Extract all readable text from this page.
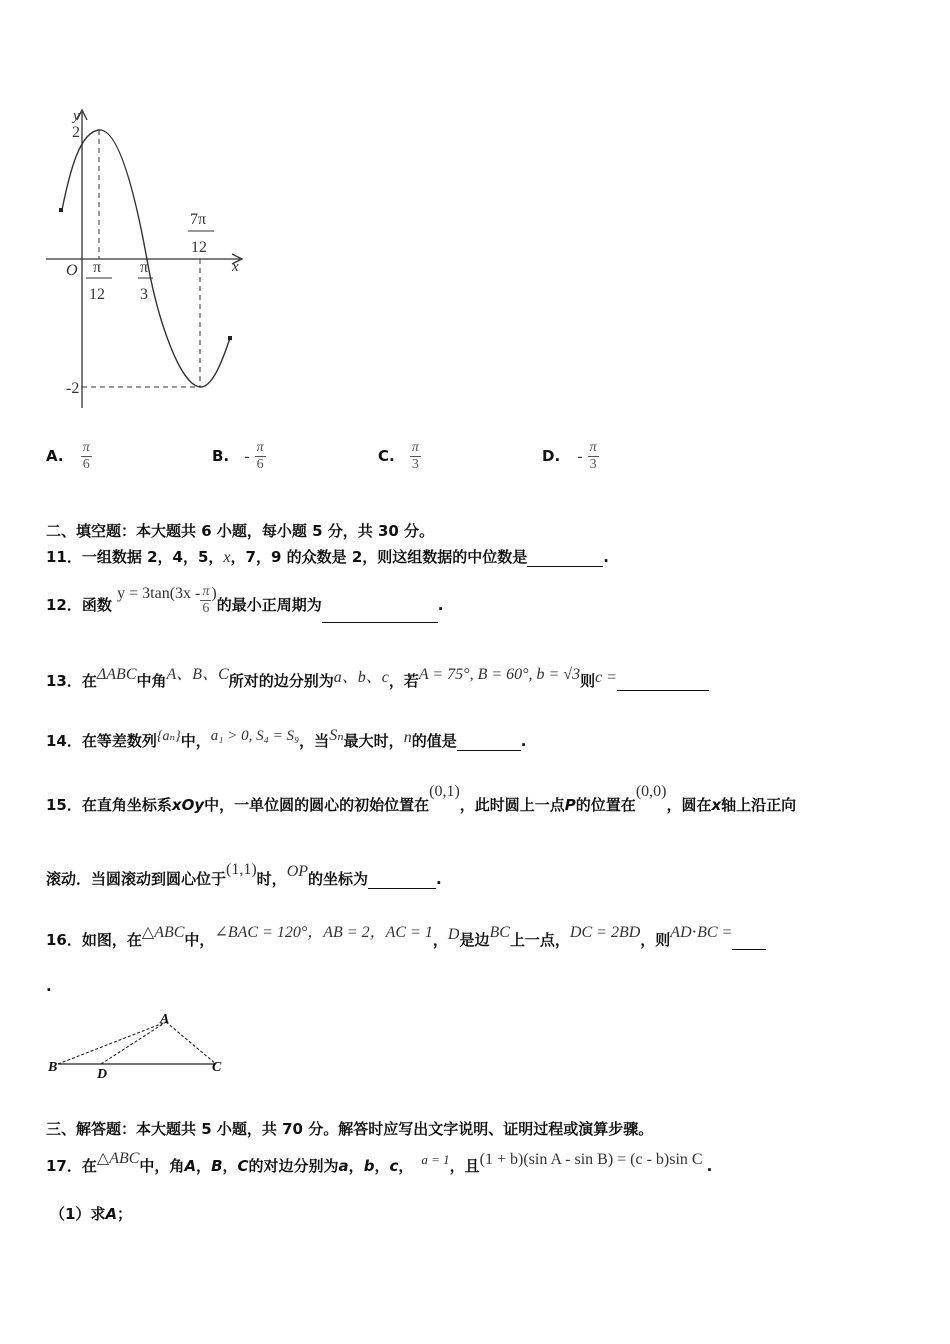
y
x
O
2
-2
π
12
π
3
7π
12
A. $\frac{\pi}{6}$	B. - $\frac{\pi}{6}$	C. $\frac{\pi}{3}$	D. - $\frac{\pi}{3}$
二、填空题：本大题共 6 小题，每小题 5 分，共 30 分。
11．一组数据 2，4，5，x，7，9 的众数是 2，则这组数据的中位数是	.
12．函数 $y = 3\tan(3x - \frac{\pi}{6}$ )的最小正周期为	.
13．在ΔABC中角A、B、C所对的边分别为a、b、c，若A = 75°, B = 60°, b = √3则c =
14．在等差数列{aₙ}中，a₁ > 0, S₄ = S₉，当Sₙ最大时，n的值是	.
15．在直角坐标系xOy中，一单位圆的圆心的初始位置在(0,1)，此时圆上一点P的位置在(0,0)，圆在x轴上沿正向
滚动．当圆滚动到圆心位于(1,1)时，OP的坐标为	.
16．如图，在△ABC中，∠BAC = 120°，AB = 2，AC = 1，D是边BC上一点，DC = 2BD，则AD⋅BC =
.
A
B	C
D
三、解答题：本大题共 5 小题，共 70 分。解答时应写出文字说明、证明过程或演算步骤。
17．在△ABC中，角A，B，C的对边分别为a，b，c， a = 1，且(1 + b)(sin A - sin B) = (c - b)sin C .
（1）求A；
